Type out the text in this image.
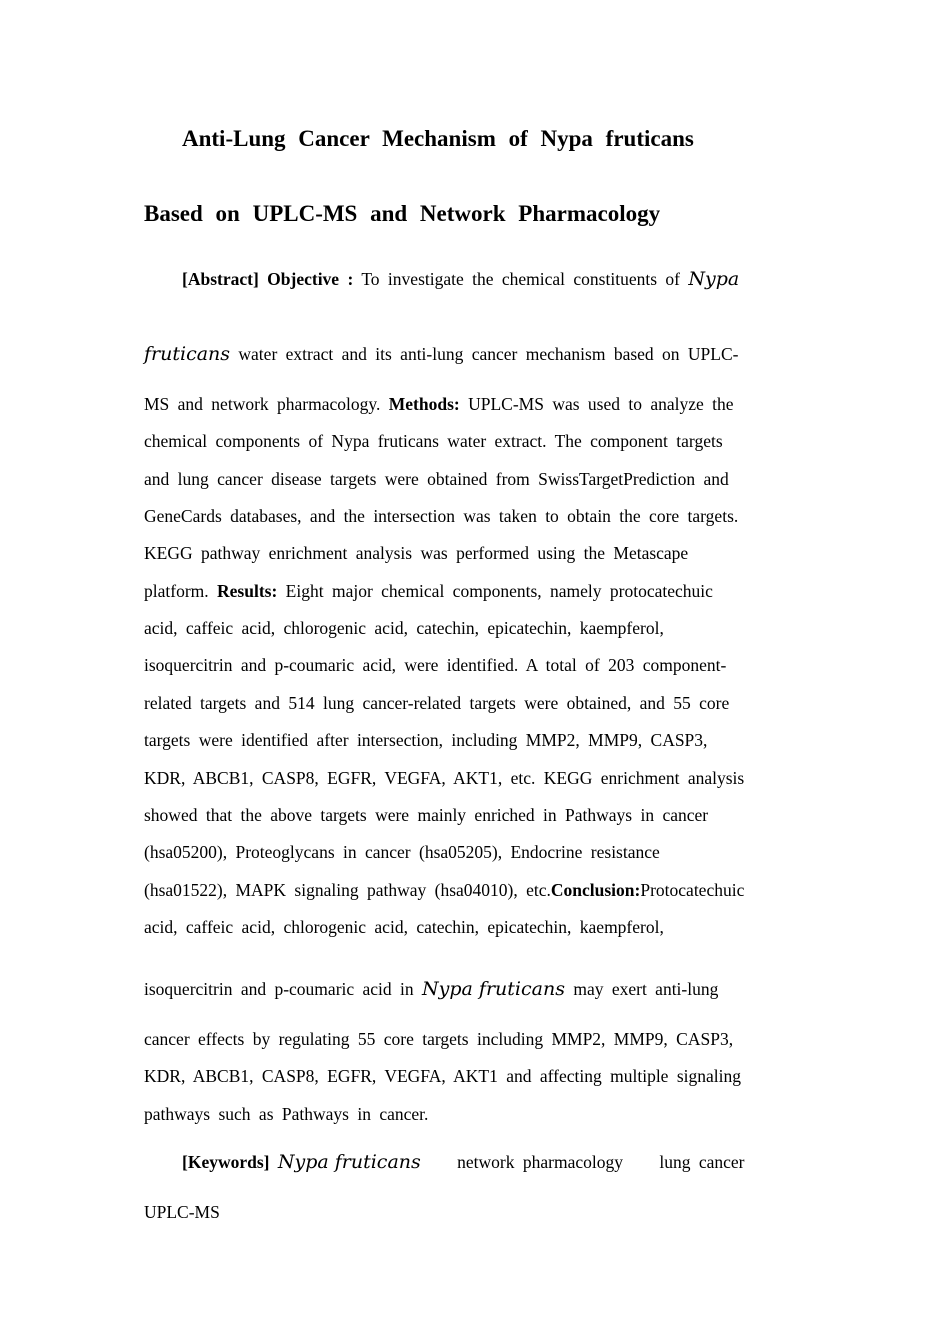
Anti-Lung Cancer Mechanism of Nypa fruticans
Based on UPLC-MS and Network Pharmacology
[Abstract] Objective : To investigate the chemical constituents of Nypa
fruticans water extract and its anti-lung cancer mechanism based on UPLC-
MS and network pharmacology. Methods: UPLC-MS was used to analyze the
chemical components of Nypa fruticans water extract. The component targets
and lung cancer disease targets were obtained from SwissTargetPrediction and
GeneCards databases, and the intersection was taken to obtain the core targets.
KEGG pathway enrichment analysis was performed using the Metascape
platform. Results: Eight major chemical components, namely protocatechuic
acid, caffeic acid, chlorogenic acid, catechin, epicatechin, kaempferol,
isoquercitrin and p-coumaric acid, were identified. A total of 203 component-
related targets and 514 lung cancer-related targets were obtained, and 55 core
targets were identified after intersection, including MMP2, MMP9, CASP3,
KDR, ABCB1, CASP8, EGFR, VEGFA, AKT1, etc. KEGG enrichment analysis
showed that the above targets were mainly enriched in Pathways in cancer
(hsa05200), Proteoglycans in cancer (hsa05205), Endocrine resistance
(hsa01522), MAPK signaling pathway (hsa04010), etc.Conclusion:Protocatechuic
acid, caffeic acid, chlorogenic acid, catechin, epicatechin, kaempferol,
isoquercitrin and p-coumaric acid in Nypa fruticans may exert anti-lung
cancer effects by regulating 55 core targets including MMP2, MMP9, CASP3,
KDR, ABCB1, CASP8, EGFR, VEGFA, AKT1 and affecting multiple signaling
pathways such as Pathways in cancer.
[Keywords] Nypa fruticans network pharmacology lung cancer
UPLC-MS
